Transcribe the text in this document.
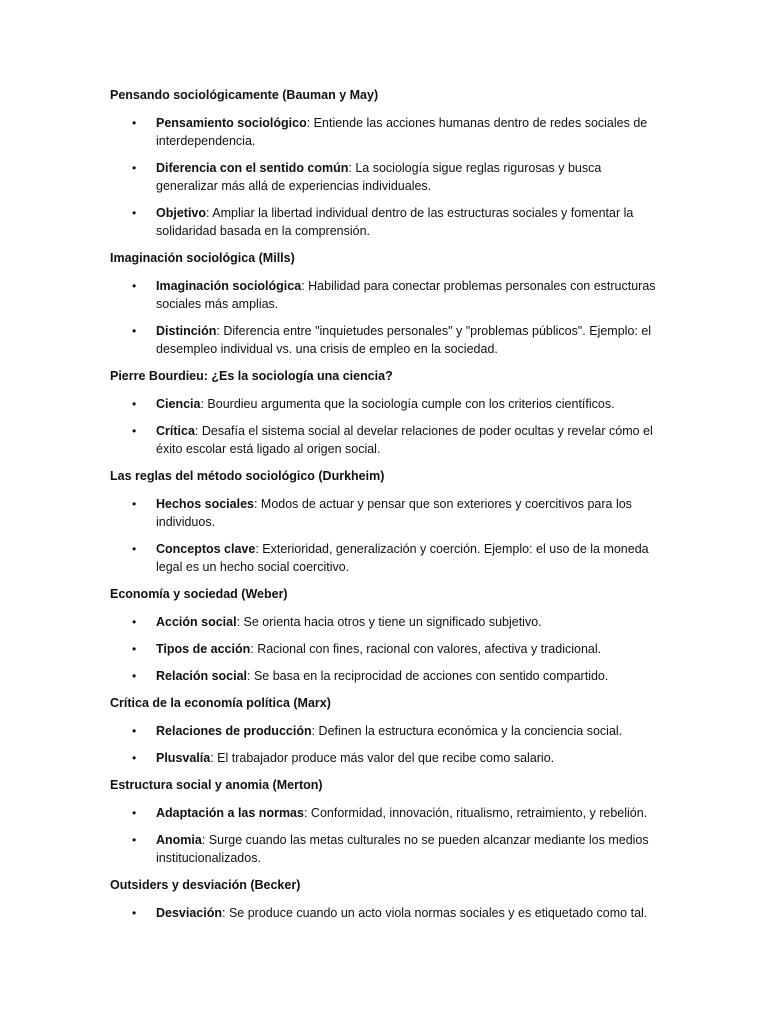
Pensando sociológicamente (Bauman y May)
• Pensamiento sociológico: Entiende las acciones humanas dentro de redes sociales de interdependencia.
• Diferencia con el sentido común: La sociología sigue reglas rigurosas y busca generalizar más allá de experiencias individuales.
• Objetivo: Ampliar la libertad individual dentro de las estructuras sociales y fomentar la solidaridad basada en la comprensión.
Imaginación sociológica (Mills)
• Imaginación sociológica: Habilidad para conectar problemas personales con estructuras sociales más amplias.
• Distinción: Diferencia entre "inquietudes personales" y "problemas públicos". Ejemplo: el desempleo individual vs. una crisis de empleo en la sociedad.
Pierre Bourdieu: ¿Es la sociología una ciencia?
• Ciencia: Bourdieu argumenta que la sociología cumple con los criterios científicos.
• Crítica: Desafía el sistema social al develar relaciones de poder ocultas y revelar cómo el éxito escolar está ligado al origen social.
Las reglas del método sociológico (Durkheim)
• Hechos sociales: Modos de actuar y pensar que son exteriores y coercitivos para los individuos.
• Conceptos clave: Exterioridad, generalización y coerción. Ejemplo: el uso de la moneda legal es un hecho social coercitivo.
Economía y sociedad (Weber)
• Acción social: Se orienta hacia otros y tiene un significado subjetivo.
• Tipos de acción: Racional con fines, racional con valores, afectiva y tradicional.
• Relación social: Se basa en la reciprocidad de acciones con sentido compartido.
Crítica de la economía política (Marx)
• Relaciones de producción: Definen la estructura económica y la conciencia social.
• Plusvalía: El trabajador produce más valor del que recibe como salario.
Estructura social y anomia (Merton)
• Adaptación a las normas: Conformidad, innovación, ritualismo, retraimiento, y rebelión.
• Anomia: Surge cuando las metas culturales no se pueden alcanzar mediante los medios institucionalizados.
Outsiders y desviación (Becker)
• Desviación: Se produce cuando un acto viola normas sociales y es etiquetado como tal.
